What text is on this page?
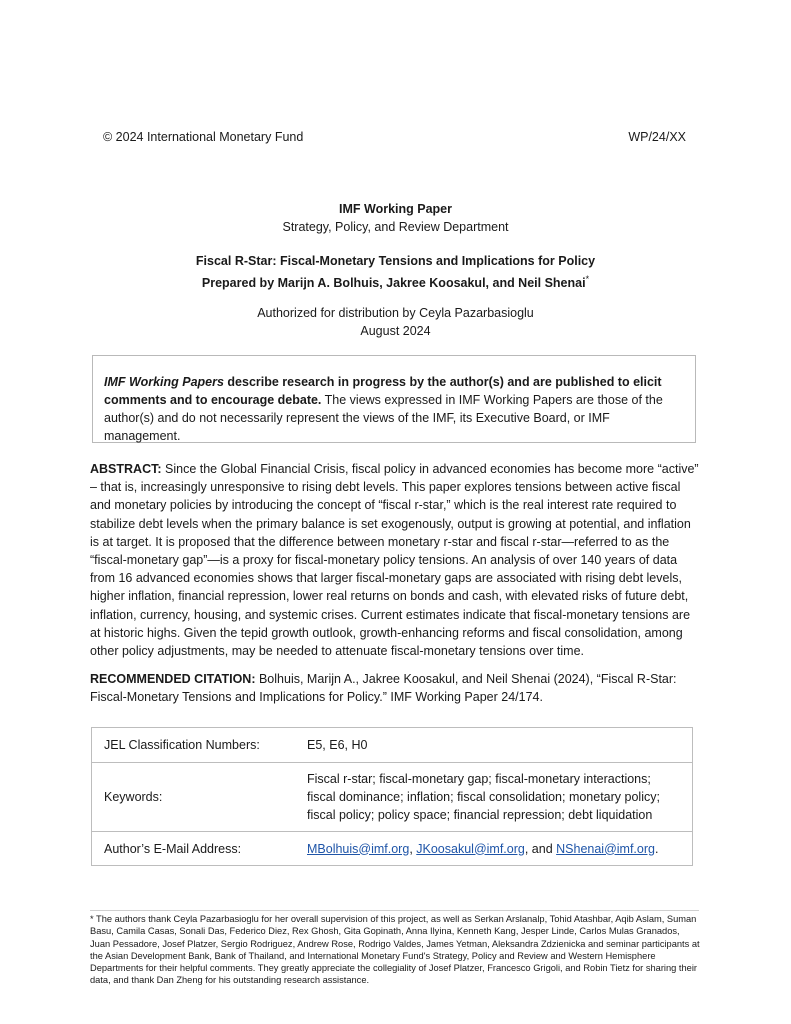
© 2024 International Monetary Fund	WP/24/XX
IMF Working Paper
Strategy, Policy, and Review Department
Fiscal R-Star: Fiscal-Monetary Tensions and Implications for Policy
Prepared by Marijn A. Bolhuis, Jakree Koosakul, and Neil Shenai*
Authorized for distribution by Ceyla Pazarbasioglu
August 2024
IMF Working Papers describe research in progress by the author(s) and are published to elicit comments and to encourage debate. The views expressed in IMF Working Papers are those of the author(s) and do not necessarily represent the views of the IMF, its Executive Board, or IMF management.
ABSTRACT: Since the Global Financial Crisis, fiscal policy in advanced economies has become more “active” – that is, increasingly unresponsive to rising debt levels. This paper explores tensions between active fiscal and monetary policies by introducing the concept of “fiscal r-star,” which is the real interest rate required to stabilize debt levels when the primary balance is set exogenously, output is growing at potential, and inflation is at target. It is proposed that the difference between monetary r-star and fiscal r-star—referred to as the “fiscal-monetary gap”—is a proxy for fiscal-monetary policy tensions. An analysis of over 140 years of data from 16 advanced economies shows that larger fiscal-monetary gaps are associated with rising debt levels, higher inflation, financial repression, lower real returns on bonds and cash, with elevated risks of future debt, inflation, currency, housing, and systemic crises. Current estimates indicate that fiscal-monetary tensions are at historic highs. Given the tepid growth outlook, growth-enhancing reforms and fiscal consolidation, among other policy adjustments, may be needed to attenuate fiscal-monetary tensions over time.
RECOMMENDED CITATION: Bolhuis, Marijn A., Jakree Koosakul, and Neil Shenai (2024), “Fiscal R-Star: Fiscal-Monetary Tensions and Implications for Policy.” IMF Working Paper 24/174.
JEL Classification Numbers:	E5, E6, H0
Keywords:	Fiscal r-star; fiscal-monetary gap; fiscal-monetary interactions; fiscal dominance; inflation; fiscal consolidation; monetary policy; fiscal policy; policy space; financial repression; debt liquidation
Author’s E-Mail Address:	MBolhuis@imf.org, JKoosakul@imf.org, and NShenai@imf.org.
* The authors thank Ceyla Pazarbasioglu for her overall supervision of this project, as well as Serkan Arslanalp, Tohid Atashbar, Aqib Aslam, Suman Basu, Camila Casas, Sonali Das, Federico Diez, Rex Ghosh, Gita Gopinath, Anna Ilyina, Kenneth Kang, Jesper Linde, Carlos Mulas Granados, Juan Pessadore, Josef Platzer, Sergio Rodriguez, Andrew Rose, Rodrigo Valdes, James Yetman, Aleksandra Zdzienicka and seminar participants at the Asian Development Bank, Bank of Thailand, and International Monetary Fund's Strategy, Policy and Review and Western Hemisphere Departments for their helpful comments. They greatly appreciate the collegiality of Josef Platzer, Francesco Grigoli, and Robin Tietz for sharing their data, and thank Dan Zheng for his outstanding research assistance.
